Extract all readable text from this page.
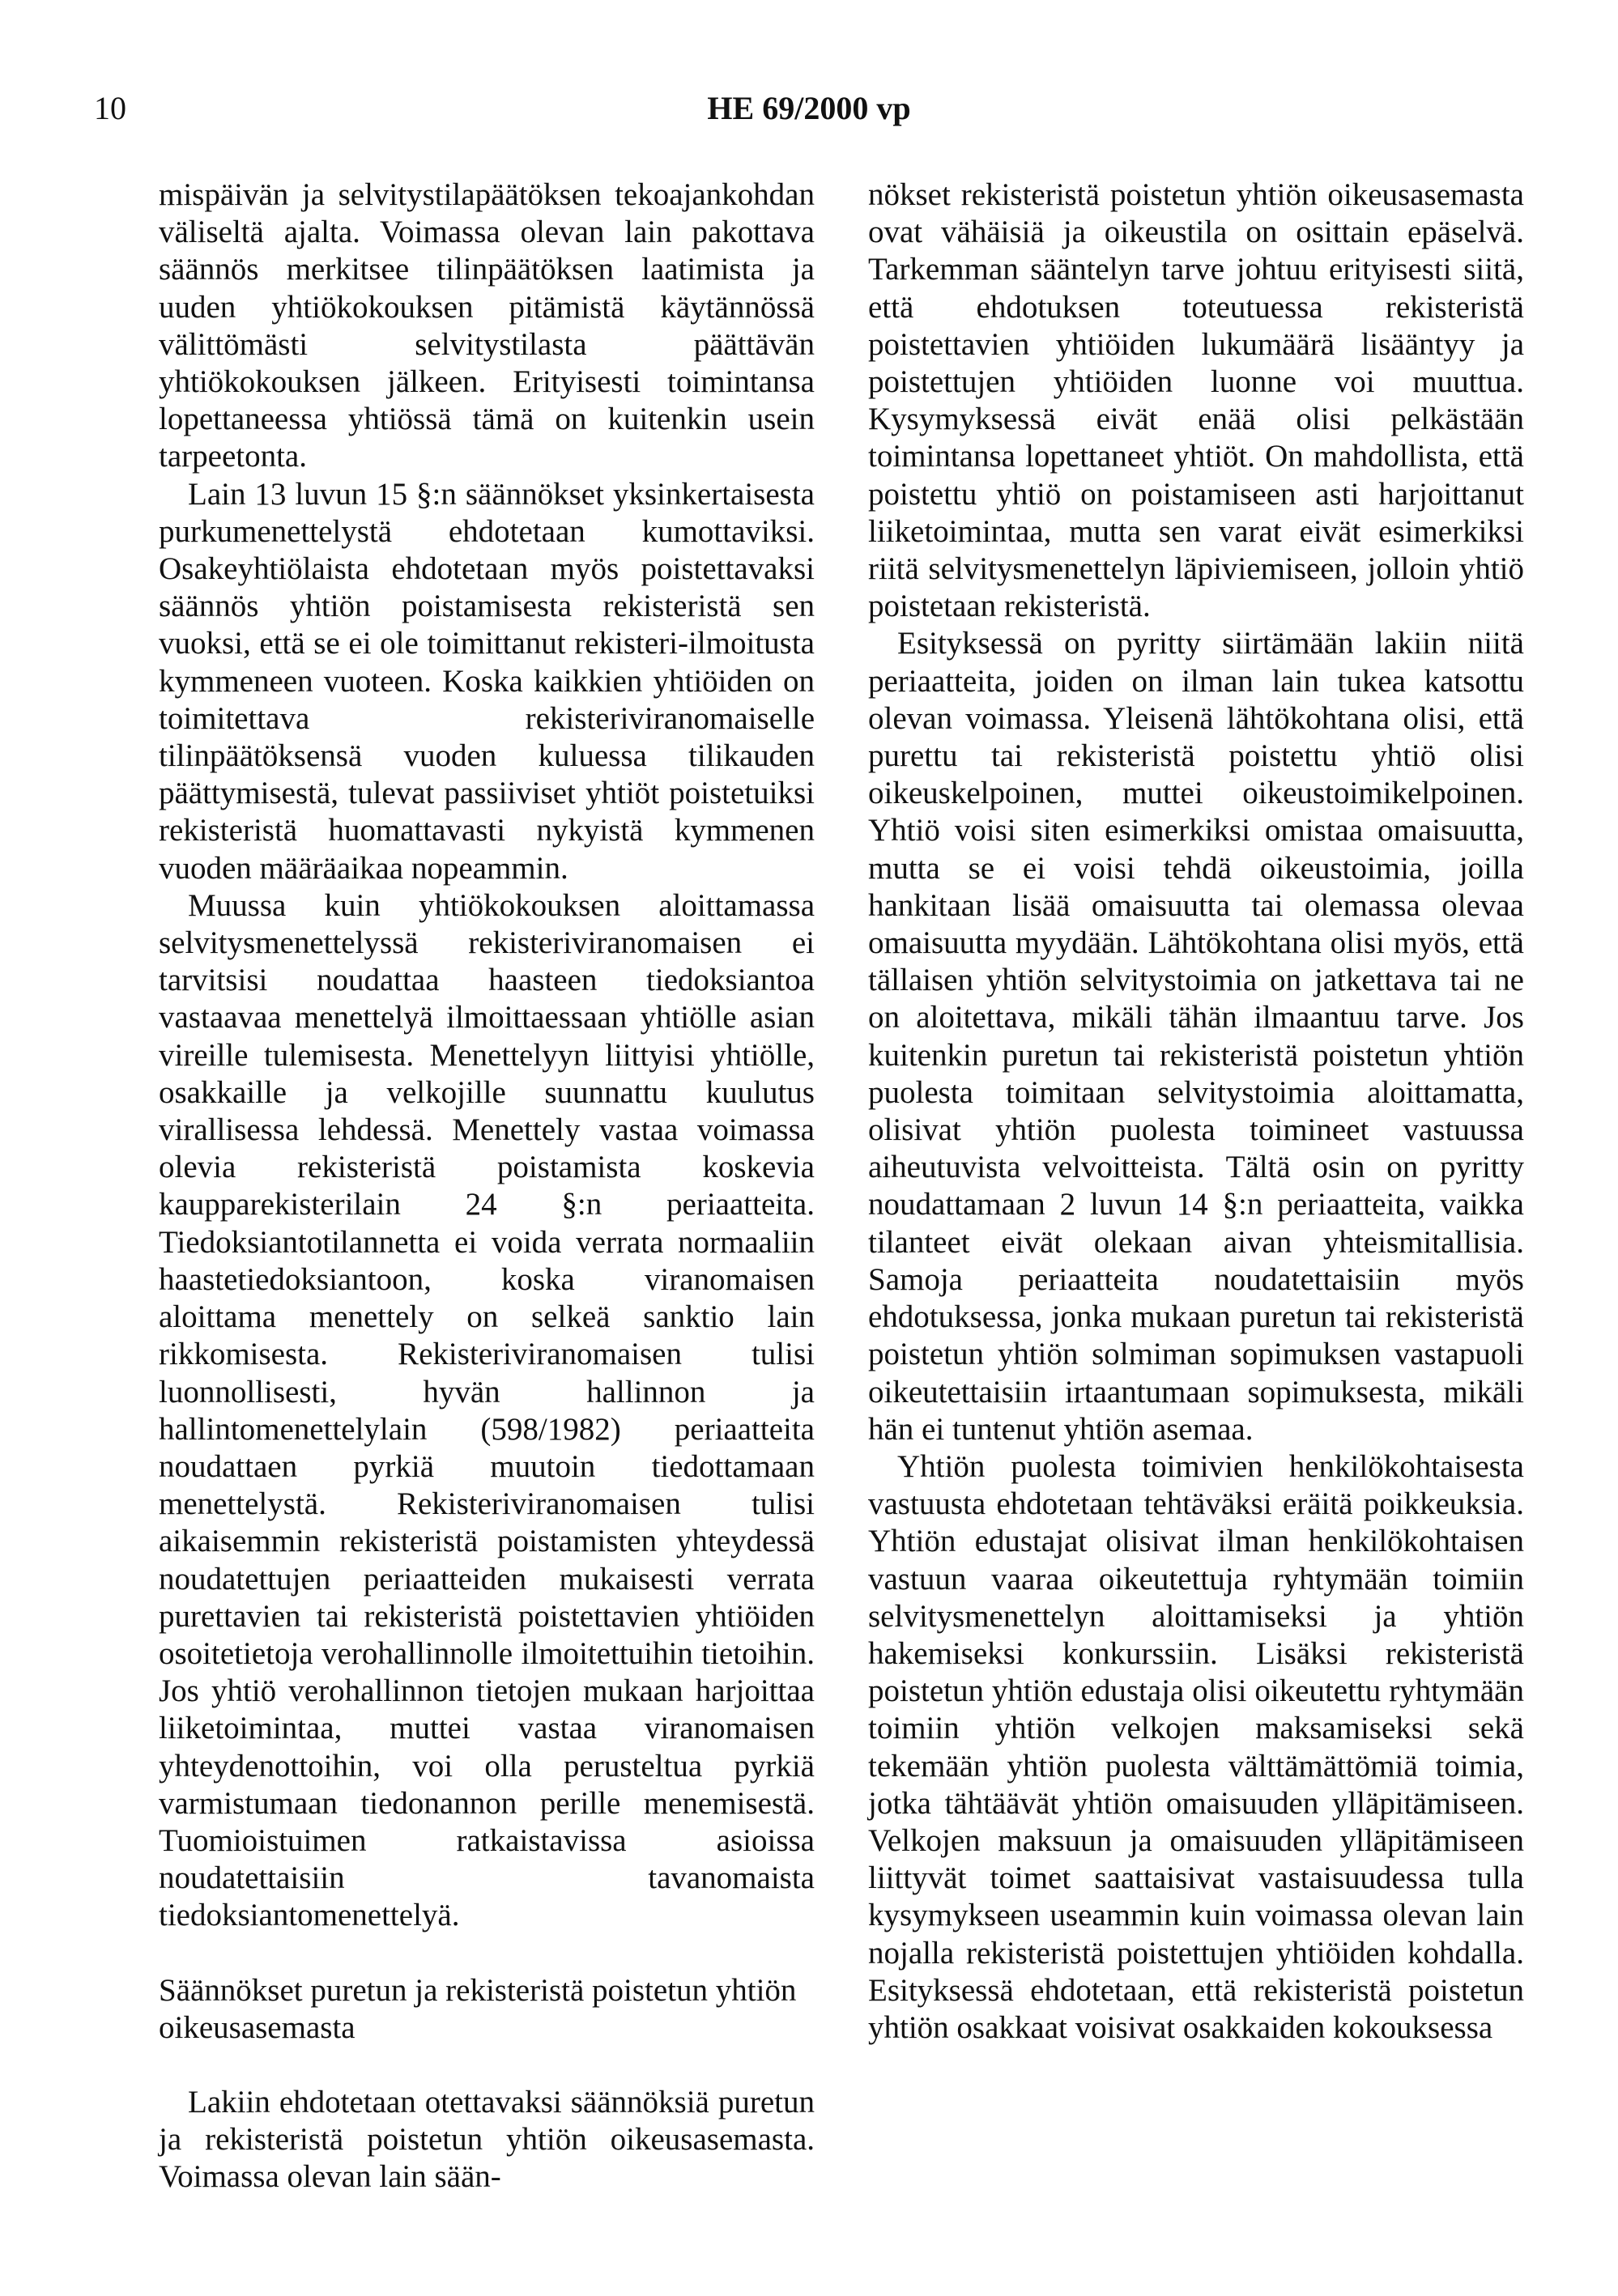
10	HE 69/2000 vp

mispäivän ja selvitystilapäätöksen tekoajankohdan väliseltä ajalta. Voimassa olevan lain pakottava säännös merkitsee tilinpäätöksen laatimista ja uuden yhtiökokouksen pitämistä käytännössä välittömästi selvitystilasta päättävän yhtiökokouksen jälkeen. Erityisesti toimintansa lopettaneessa yhtiössä tämä on kuitenkin usein tarpeetonta.

Lain 13 luvun 15 §:n säännökset yksinkertaisesta purkumenettelystä ehdotetaan kumottaviksi. Osakeyhtiölaista ehdotetaan myös poistettavaksi säännös yhtiön poistamisesta rekisteristä sen vuoksi, että se ei ole toimittanut rekisteri-ilmoitusta kymmeneen vuoteen. Koska kaikkien yhtiöiden on toimitettava rekisteriviranomaiselle tilinpäätöksensä vuoden kuluessa tilikauden päättymisestä, tulevat passiiviset yhtiöt poistetuiksi rekisteristä huomattavasti nykyistä kymmenen vuoden määräaikaa nopeammin.

Muussa kuin yhtiökokouksen aloittamassa selvitysmenettelyssä rekisteriviranomaisen ei tarvitsisi noudattaa haasteen tiedoksiantoa vastaavaa menettelyä ilmoittaessaan yhtiölle asian vireille tulemisesta. Menettelyyn liittyisi yhtiölle, osakkaille ja velkojille suunnattu kuulutus virallisessa lehdessä. Menettely vastaa voimassa olevia rekisteristä poistamista koskevia kaupparekisterilain 24 §:n periaatteita. Tiedoksiantotilannetta ei voida verrata normaaliin haastetiedoksiantoon, koska viranomaisen aloittama menettely on selkeä sanktio lain rikkomisesta. Rekisteriviranomaisen tulisi luonnollisesti, hyvän hallinnon ja hallintomenettelylain (598/1982) periaatteita noudattaen pyrkiä muutoin tiedottamaan menettelystä. Rekisteriviranomaisen tulisi aikaisemmin rekisteristä poistamisten yhteydessä noudatettujen periaatteiden mukaisesti verrata purettavien tai rekisteristä poistettavien yhtiöiden osoitetietoja verohallinnolle ilmoitettuihin tietoihin. Jos yhtiö verohallinnon tietojen mukaan harjoittaa liiketoimintaa, muttei vastaa viranomaisen yhteydenottoihin, voi olla perusteltua pyrkiä varmistumaan tiedonannon perille menemisestä. Tuomioistuimen ratkaistavissa asioissa noudatettaisiin tavanomaista tiedoksiantomenettelyä.

Säännökset puretun ja rekisteristä poistetun yhtiön oikeusasemasta

Lakiin ehdotetaan otettavaksi säännöksiä puretun ja rekisteristä poistetun yhtiön oikeusasemasta. Voimassa olevan lain sään-

nökset rekisteristä poistetun yhtiön oikeusasemasta ovat vähäisiä ja oikeustila on osittain epäselvä. Tarkemman sääntelyn tarve johtuu erityisesti siitä, että ehdotuksen toteutuessa rekisteristä poistettavien yhtiöiden lukumäärä lisääntyy ja poistettujen yhtiöiden luonne voi muuttua. Kysymyksessä eivät enää olisi pelkästään toimintansa lopettaneet yhtiöt. On mahdollista, että poistettu yhtiö on poistamiseen asti harjoittanut liiketoimintaa, mutta sen varat eivät esimerkiksi riitä selvitysmenettelyn läpiviemiseen, jolloin yhtiö poistetaan rekisteristä.

Esityksessä on pyritty siirtämään lakiin niitä periaatteita, joiden on ilman lain tukea katsottu olevan voimassa. Yleisenä lähtökohtana olisi, että purettu tai rekisteristä poistettu yhtiö olisi oikeuskelpoinen, muttei oikeustoimikelpoinen. Yhtiö voisi siten esimerkiksi omistaa omaisuutta, mutta se ei voisi tehdä oikeustoimia, joilla hankitaan lisää omaisuutta tai olemassa olevaa omaisuutta myydään. Lähtökohtana olisi myös, että tällaisen yhtiön selvitystoimia on jatkettava tai ne on aloitettava, mikäli tähän ilmaantuu tarve. Jos kuitenkin puretun tai rekisteristä poistetun yhtiön puolesta toimitaan selvitystoimia aloittamatta, olisivat yhtiön puolesta toimineet vastuussa aiheutuvista velvoitteista. Tältä osin on pyritty noudattamaan 2 luvun 14 §:n periaatteita, vaikka tilanteet eivät olekaan aivan yhteismitallisia. Samoja periaatteita noudatettaisiin myös ehdotuksessa, jonka mukaan puretun tai rekisteristä poistetun yhtiön solmiman sopimuksen vastapuoli oikeutettaisiin irtaantumaan sopimuksesta, mikäli hän ei tuntenut yhtiön asemaa.

Yhtiön puolesta toimivien henkilökohtaisesta vastuusta ehdotetaan tehtäväksi eräitä poikkeuksia. Yhtiön edustajat olisivat ilman henkilökohtaisen vastuun vaaraa oikeutettuja ryhtymään toimiin selvitysmenettelyn aloittamiseksi ja yhtiön hakemiseksi konkurssiin. Lisäksi rekisteristä poistetun yhtiön edustaja olisi oikeutettu ryhtymään toimiin yhtiön velkojen maksamiseksi sekä tekemään yhtiön puolesta välttämättömiä toimia, jotka tähtäävät yhtiön omaisuuden ylläpitämiseen. Velkojen maksuun ja omaisuuden ylläpitämiseen liittyvät toimet saattaisivat vastaisuudessa tulla kysymykseen useammin kuin voimassa olevan lain nojalla rekisteristä poistettujen yhtiöiden kohdalla. Esityksessä ehdotetaan, että rekisteristä poistetun yhtiön osakkaat voisivat osakkaiden kokouksessa
